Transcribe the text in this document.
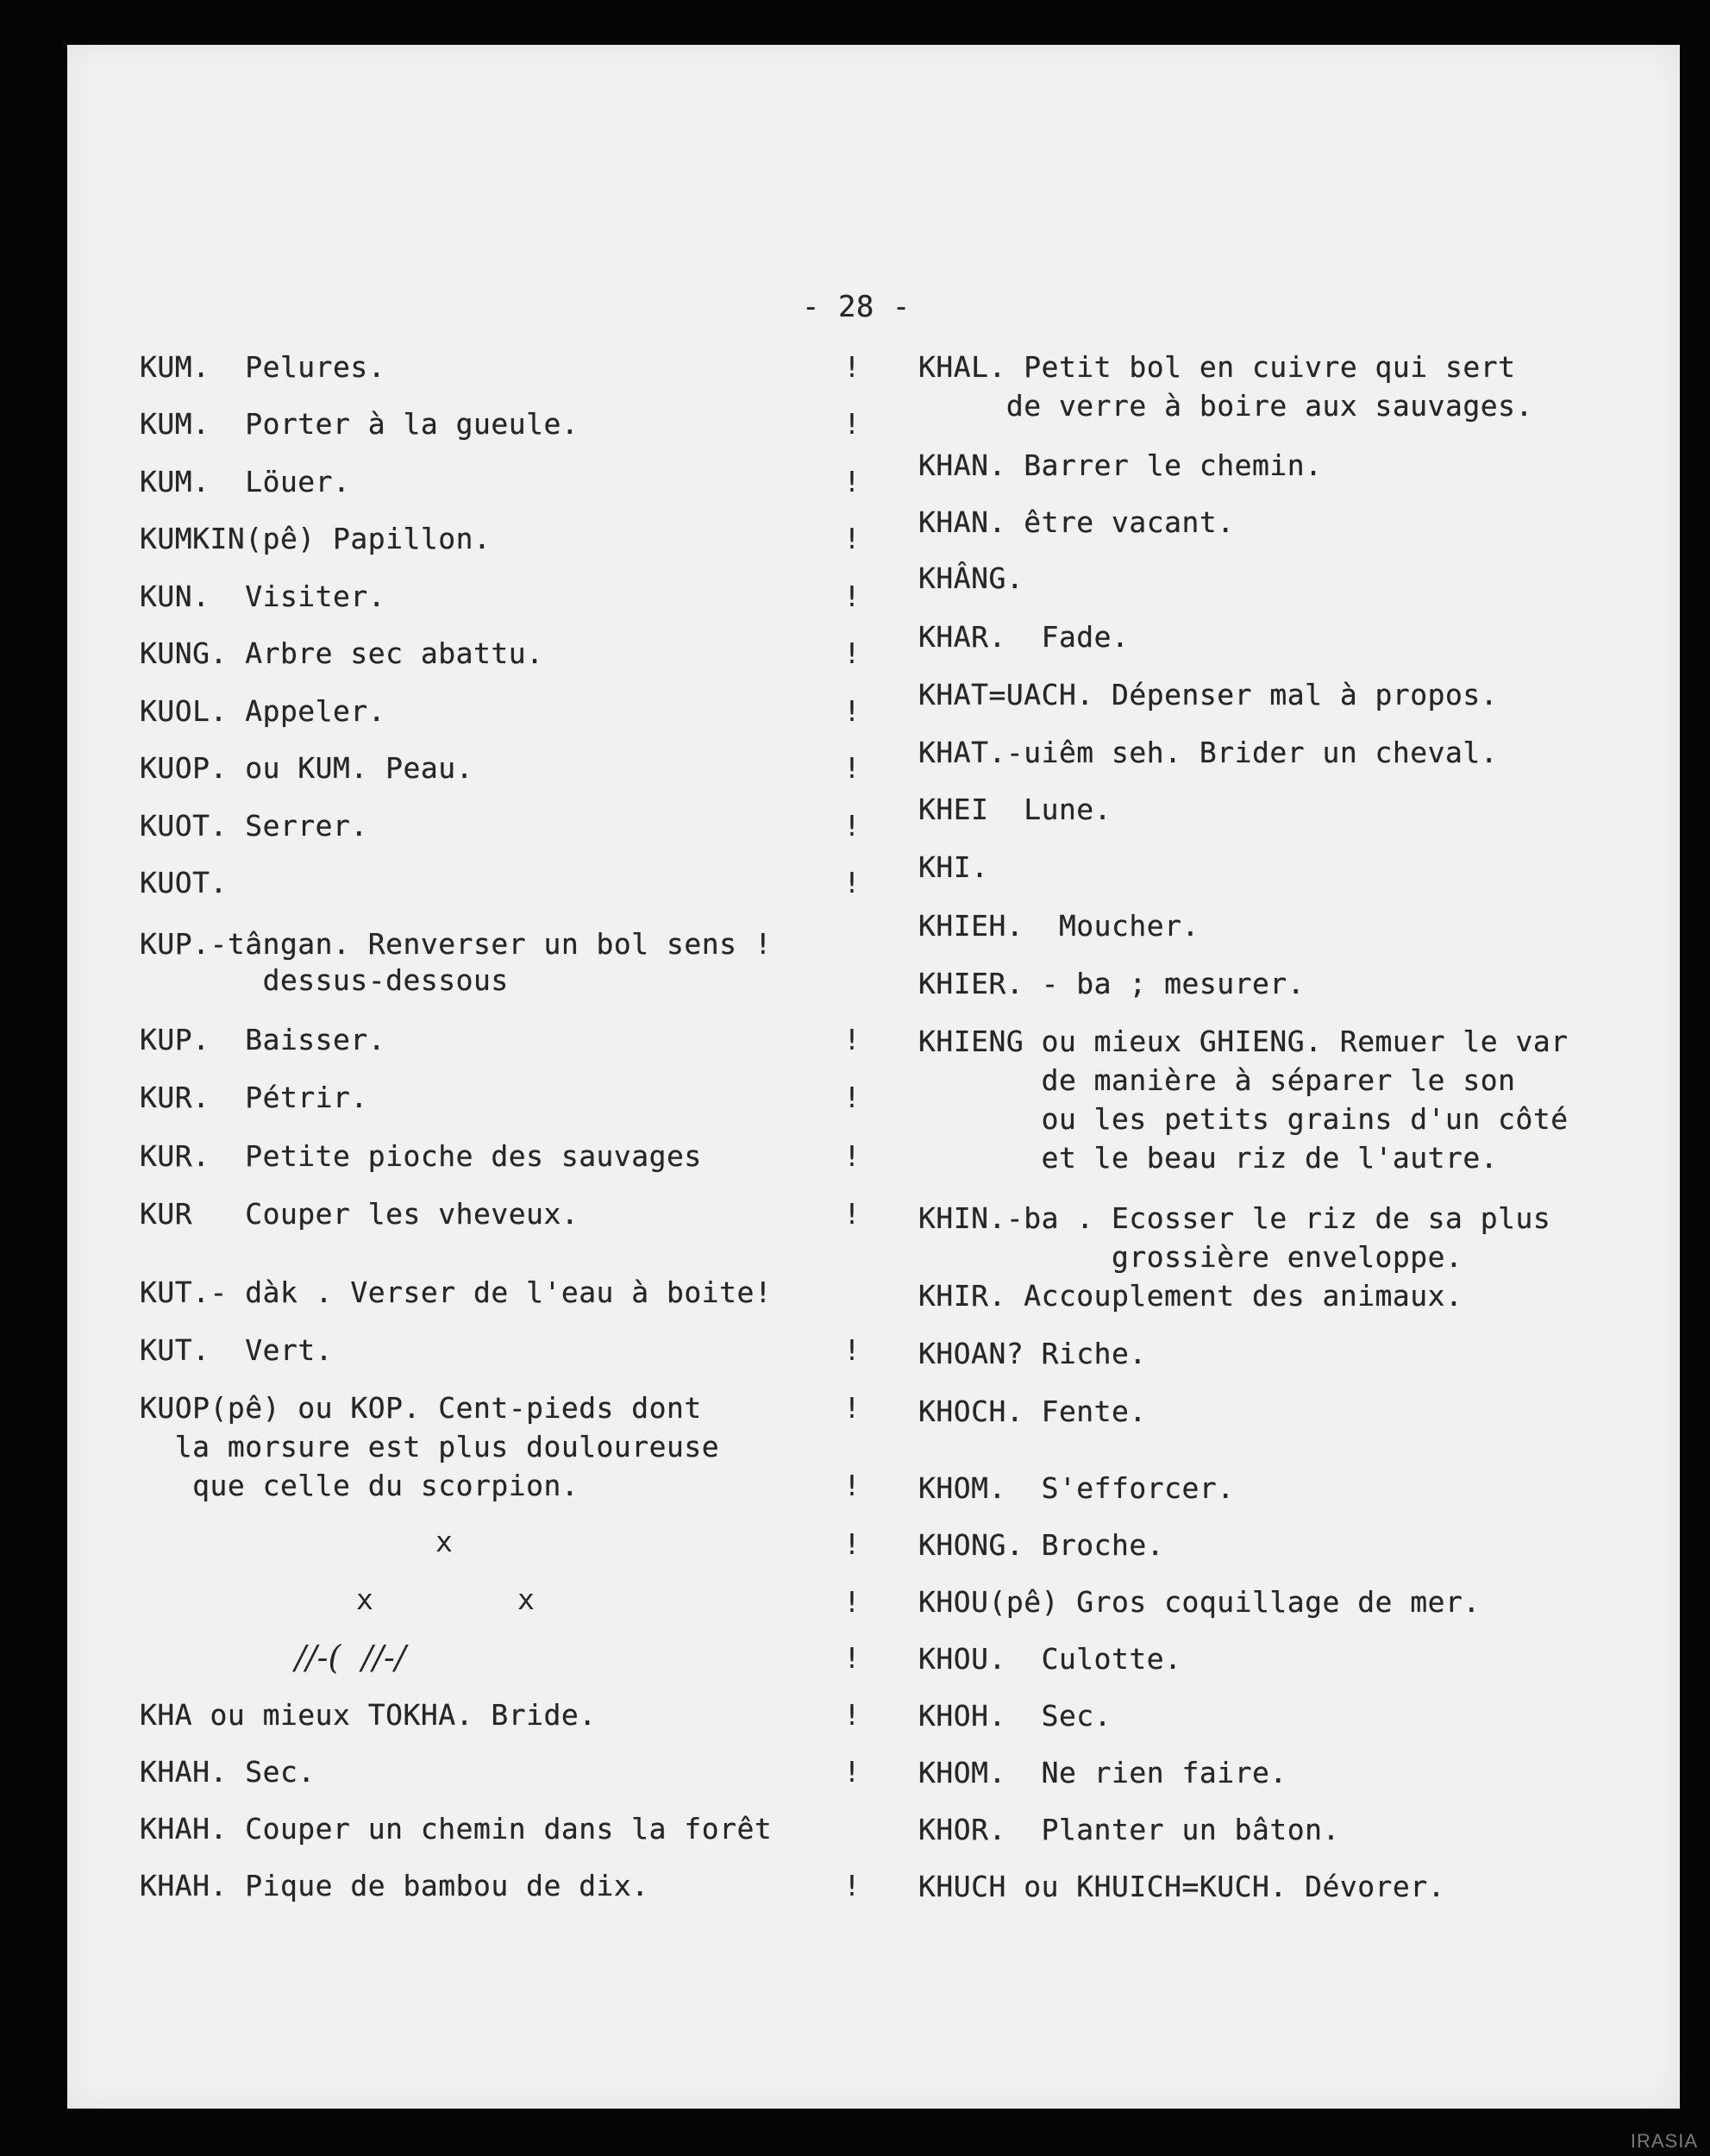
- 28 -
KUM.  Pelures.
KUM.  Porter à la gueule.
KUM.  Löuer.
KUMKIN(pê) Papillon.
KUN.  Visiter.
KUNG. Arbre sec abattu.
KUOL. Appeler.
KUOP. ou KUM. Peau.
KUOT. Serrer.
KUOT.
KUP.-tângan. Renverser un bol sens !
dessus-dessous
KUP.  Baisser.
KUR.  Pétrir.
KUR.  Petite pioche des sauvages
KUR   Couper les vheveux.
KUT.- dàk . Verser de l'eau à boite!
KUT.  Vert.
KUOP(pê) ou KOP. Cent-pieds dont
la morsure est plus douloureuse
que celle du scorpion.
KHA ou mieux TOKHA. Bride.
KHAH. Sec.
KHAH. Couper un chemin dans la forêt
KHAH. Pique de bambou de dix.
x
x	x
//-(  //-/
!
!
!
!
!
!
!
!
!
!
!
!
!
!
!
!
!
!
!
!
!
!
!
KHAL. Petit bol en cuivre qui sert
de verre à boire aux sauvages.
KHAN. Barrer le chemin.
KHAN. être vacant.
KHÂNG.
KHAR.  Fade.
KHAT=UACH. Dépenser mal à propos.
KHAT.-uiêm seh. Brider un cheval.
KHEI  Lune.
KHI.
KHIEH.  Moucher.
KHIER. - ba ; mesurer.
KHIENG ou mieux GHIENG. Remuer le var
de manière à séparer le son
ou les petits grains d'un côté
et le beau riz de l'autre.
KHIN.-ba . Ecosser le riz de sa plus
grossière enveloppe.
KHIR. Accouplement des animaux.
KHOAN? Riche.
KHOCH. Fente.
KHOM.  S'efforcer.
KHONG. Broche.
KHOU(pê) Gros coquillage de mer.
KHOU.  Culotte.
KHOH.  Sec.
KHOM.  Ne rien faire.
KHOR.  Planter un bâton.
KHUCH ou KHUICH=KUCH. Dévorer.
IRASIA
